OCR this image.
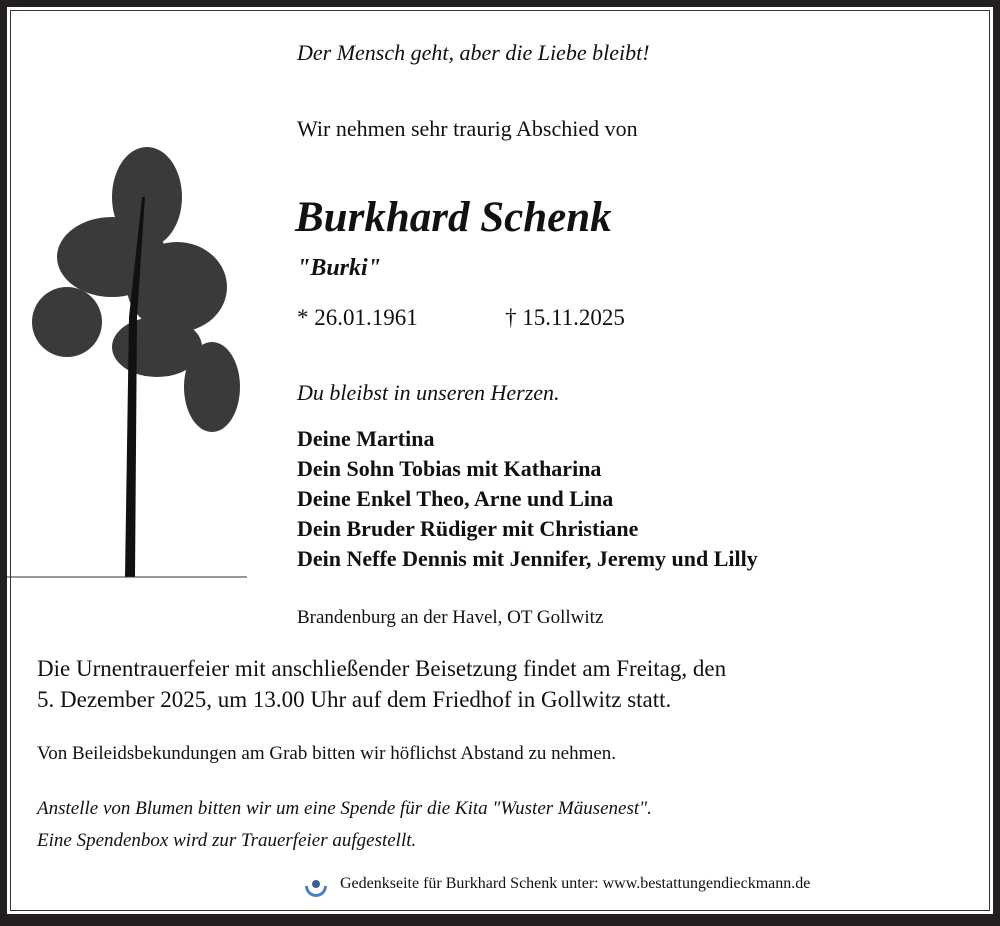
Der Mensch geht, aber die Liebe bleibt!
Wir nehmen sehr traurig Abschied von
Burkhard Schenk
"Burki"
* 26.01.1961	† 15.11.2025
Du bleibst in unseren Herzen.
Deine Martina
Dein Sohn Tobias mit Katharina
Deine Enkel Theo, Arne und Lina
Dein Bruder Rüdiger mit Christiane
Dein Neffe Dennis mit Jennifer, Jeremy und Lilly
Brandenburg an der Havel, OT Gollwitz
Die Urnentrauerfeier mit anschließender Beisetzung findet am Freitag, den
5. Dezember 2025, um 13.00 Uhr auf dem Friedhof in Gollwitz statt.
Von Beileidsbekundungen am Grab bitten wir höflichst Abstand zu nehmen.
Anstelle von Blumen bitten wir um eine Spende für die Kita "Wuster Mäusenest".
Eine Spendenbox wird zur Trauerfeier aufgestellt.
Gedenkseite für Burkhard Schenk unter: www.bestattungendieckmann.de
